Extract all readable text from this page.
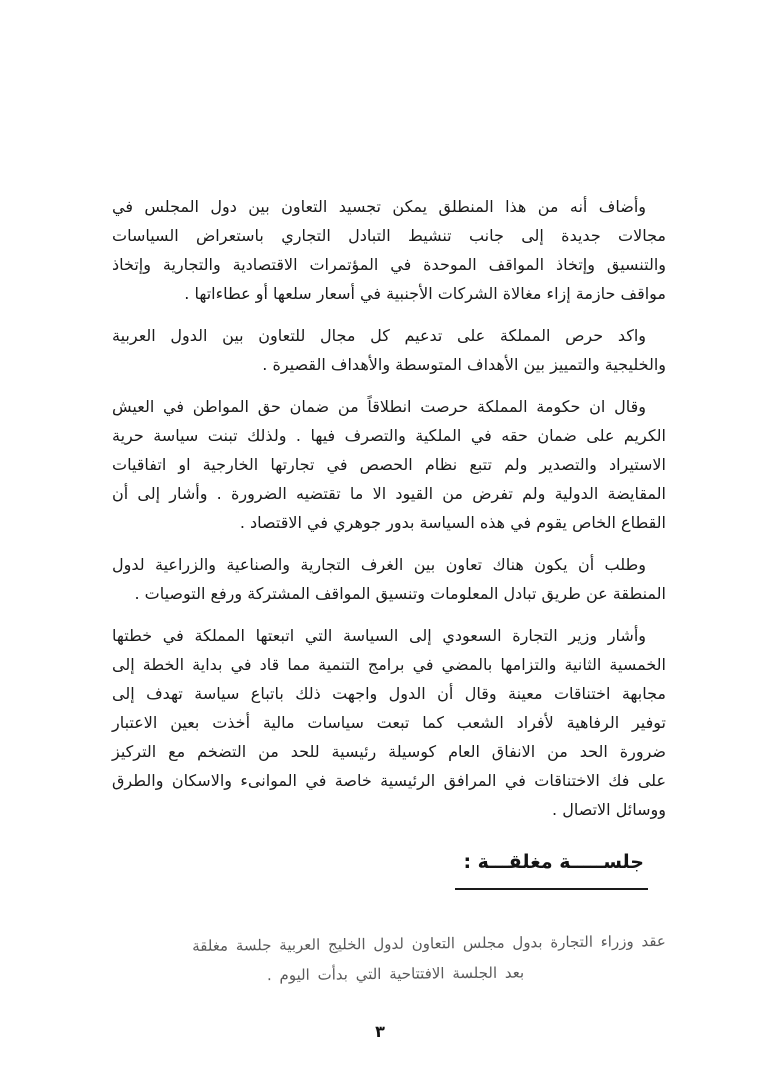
وأضاف أنه من هذا المنطلق يمكن تجسيد التعاون بين دول المجلس في
مجالات جديدة إلى جانب تنشيط التبادل التجاري باستعراض السياسات
والتنسيق وإتخاذ المواقف الموحدة في المؤتمرات الاقتصادية والتجارية وإتخاذ
مواقف حازمة إزاء مغالاة الشركات الأجنبية في أسعار سلعها أو عطاءاتها .

واكد حرص المملكة على تدعيم كل مجال للتعاون بين الدول العربية
والخليجية والتمييز بين الأهداف المتوسطة والأهداف القصيرة .

وقال ان حكومة المملكة حرصت انطلاقاً من ضمان حق المواطن في العيش
الكريم على ضمان حقه في الملكية والتصرف فيها . ولذلك تبنت سياسة حرية
الاستيراد والتصدير ولم تتبع نظام الحصص في تجارتها الخارجية او اتفاقيات
المقايضة الدولية ولم تفرض من القيود الا ما تقتضيه الضرورة . وأشار إلى أن
القطاع الخاص يقوم في هذه السياسة بدور جوهري في الاقتصاد .

وطلب أن يكون هناك تعاون بين الغرف التجارية والصناعية والزراعية لدول
المنطقة عن طريق تبادل المعلومات وتنسيق المواقف المشتركة ورفع التوصيات .

وأشار وزير التجارة السعودي إلى السياسة التي اتبعتها المملكة في خطتها
الخمسية الثانية والتزامها بالمضي في برامج التنمية مما قاد في بداية الخطة إلى
مجابهة اختناقات معينة وقال أن الدول واجهت ذلك باتباع سياسة تهدف إلى
توفير الرفاهية لأفراد الشعب كما تبعت سياسات مالية أخذت بعين الاعتبار
ضرورة الحد من الانفاق العام كوسيلة رئيسية للحد من التضخم مع التركيز
على فك الاختناقات في المرافق الرئيسية خاصة في الموانىء والاسكان والطرق
ووسائل الاتصال .

جلســـــة مغلقـــة :
عقد وزراء التجارة بدول مجلس التعاون لدول الخليج العربية جلسة مغلقة
بعد الجلسة الافتتاحية التي بدأت اليوم .
٣
